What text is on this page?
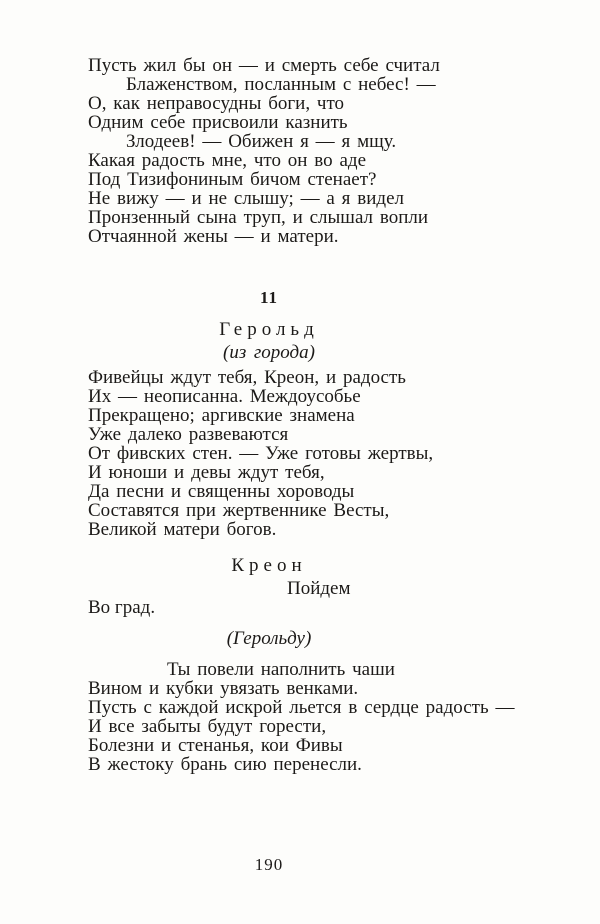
Пусть жил бы он — и смерть себе считал
Блаженством, посланным с небес! —
О, как неправосудны боги, что
Одним себе присвоили казнить
Злодеев! — Обижен я — я мщу.
Какая радость мне, что он во аде
Под Тизифониным бичом стенает?
Не вижу — и не слышу; — а я видел
Пронзенный сына труп, и слышал вопли
Отчаянной жены — и матери.
11
Герольд
(из города)
Фивейцы ждут тебя, Креон, и радость
Их — неописанна. Междоусобье
Прекращено; аргивские знамена
Уже далеко развеваются
От фивских стен. — Уже готовы жертвы,
И юноши и девы ждут тебя,
Да песни и священны хороводы
Составятся при жертвеннике Весты,
Великой матери богов.
Креон
Пойдем
Во град.
(Герольду)
Ты повели наполнить чаши
Вином и кубки увязать венками.
Пусть с каждой искрой льется в сердце радость —
И все забыты будут горести,
Болезни и стенанья, кои Фивы
В жестоку брань сию перенесли.
190
